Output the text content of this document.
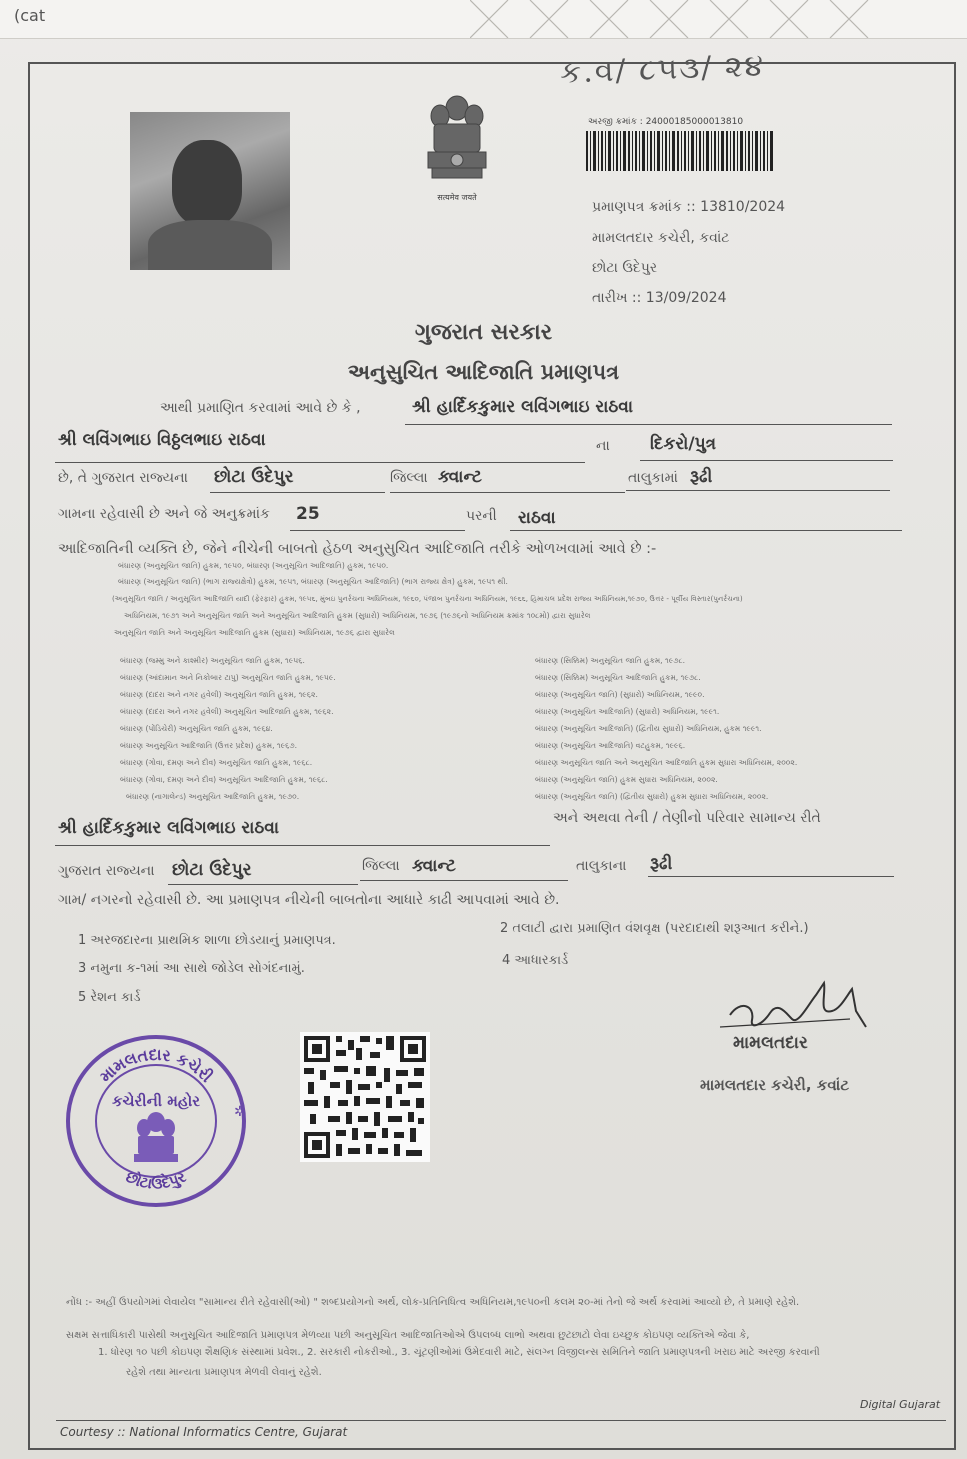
(cat
ક.વ/ ૮૫૩/ ૨૪
सत्यमेव जयते
અરજી ક્રમાંક : 24000185000013810
પ્રમાણપત્ર ક્રમાંક :: 13810/2024
મામલતદાર કચેરી, કવાંટ
છોટા ઉદેપુર
તારીખ :: 13/09/2024
ગુજરાત સરકાર
અનુસુચિત આદિજાતિ પ્રમાણપત્ર
આથી પ્રમાણિત કરવામાં આવે છે કે ,	શ્રી હાર્દિકકુમાર લવિંગભાઇ રાઠવા
શ્રી લવિંગભાઇ વિઠ્ઠલભાઇ રાઠવા	ના દિકરો/પુત્ર
છે, તે ગુજરાત રાજ્યના છોટા ઉદેપુર	જિલ્લા ક્વાન્ટ	તાલુકામાં રૂઢી
ગામના રહેવાસી છે અને જે અનુક્રમાંક 25	પરની રાઠવા
આદિજાતિની વ્યક્તિ છે, જેને નીચેની બાબતો હેઠળ અનુસુચિત આદિજાતિ તરીકે ઓળખવામાં આવે છે :-
બંધારણ (અનુસૂચિત જાતિ) હુકમ, ૧૯૫૦, બંધારણ (અનુસૂચિત આદિજાતિ) હુકમ, ૧૯૫૦.
બંધારણ (અનુસૂચિત જાતિ) (ભાગ રાજ્યક્ષેત્રો) હુકમ, ૧૯૫૧, બંધારણ (અનુસૂચિત આદિજાતિ) (ભાગ રાજ્ય ક્ષેત્ર) હુકમ, ૧૯૫૧ થી.
(અનુસૂચિત જાતિ / અનુસૂચિત આદિજાતિ યાદી (ફેરફાર) હુકમ, ૧૯૫૬, મુંબઇ પુનર્રચના અધિનિયમ, ૧૯૬૦, પંજાબ પુનર્રચના અધિનિયમ, ૧૯૬૬, હિમાચલ પ્રદેશ રાજ્ય અધિનિયમ,૧૯૭૦, ઉત્તર - પૂર્વીય વિસ્તાર(પુનર્રચના)
અધિનિયમ, ૧૯૭૧ અને અનુસૂચિત જાતિ અને અનુસૂચિત આદિજાતિ હુકમ (સુધારો) અધિનિયમ, ૧૯૭૬ (૧૯૭૬નો અધિનિયમ ક્રમાંક ૧૦૮મો) દ્વારા સુધારેલ
અનુસૂચિત જાતિ અને અનુસૂચિત આદિજાતિ હુકમ (સુધારા) અધિનિયમ, ૧૯૭૬ દ્વારા સુધારેલ
બંધારણ (જમ્મુ અને કાશ્મીર) અનુસૂચિત જાતિ હુકમ, ૧૯૫૬.
બંધારણ (આંદામાન અને નિકોબાર ટાપુ) અનુસૂચિત જાતિ હુકમ, ૧૯૫૯.
બંધારણ (દાદરા અને નગર હવેલી) અનુસૂચિત જાતિ હુકમ, ૧૯૬૨.
બંધારણ (દાદરા અને નગર હવેલી) અનુસૂચિત આદિજાતિ હુકમ, ૧૯૬૨.
બંધારણ (પોંડિચેરી) અનુસૂચિત જાતિ હુકમ, ૧૯૬૪.
બંધારણ અનુસૂચિત આદિજાતિ (ઉત્તર પ્રદેશ) હુકમ, ૧૯૬૭.
બંધારણ (ગોવા, દમણ અને દીવ) અનુસૂચિત જાતિ હુકમ, ૧૯૬૮.
બંધારણ (ગોવા, દમણ અને દીવ) અનુસૂચિત આદિજાતિ હુકમ, ૧૯૬૮.
બંધારણ (નાગાલેન્ડ) અનુસૂચિત આદિજાતિ હુકમ, ૧૯૭૦.
બંધારણ (સિક્કિમ) અનુસૂચિત જાતિ હુકમ, ૧૯૭૮.
બંધારણ (સિક્કિમ) અનુસૂચિત આદિજાતિ હુકમ, ૧૯૭૮.
બંધારણ (અનુસૂચિત જાતિ) (સુધારો) અધિનિયમ, ૧૯૯૦.
બંધારણ (અનુસૂચિત આદિજાતિ) (સુધારો) અધિનિયમ, ૧૯૯૧.
બંધારણ (અનુસૂચિત આદિજાતિ) (દ્વિતીય સુધારો) અધિનિયમ, હુકમ ૧૯૯૧.
બંધારણ (અનુસૂચિત આદિજાતિ) વટહુકમ, ૧૯૯૬.
બંધારણ અનુસૂચિત જાતિ અને અનુસૂચિત આદિજાતિ હુકમ સુધારા અધિનિયમ, ૨૦૦૨.
બંધારણ (અનુસૂચિત જાતિ) હુકમ સુધારા અધિનિયમ, ૨૦૦૨.
બંધારણ (અનુસૂચિત જાતિ) (દ્વિતીય સુધારો) હુકમ સુધારા અધિનિયમ, ૨૦૦૨.
શ્રી હાર્દિકકુમાર લવિંગભાઇ રાઠવા	અને અથવા તેની / તેણીનો પરિવાર સામાન્ય રીતે
ગુજરાત રાજ્યના છોટા ઉદેપુર	જિલ્લા ક્વાન્ટ	તાલુકાના રૂઢી
ગામ/ નગરનો રહેવાસી છે. આ પ્રમાણપત્ર નીચેની બાબતોના આધારે કાઢી આપવામાં આવે છે.
1 અરજદારના પ્રાથમિક શાળા છોડયાનું પ્રમાણપત્ર.
2 તલાટી દ્વારા પ્રમાણિત વંશવૃક્ષ (પરદાદાથી શરૂઆત કરીને.)
3 નમુના ક-૧માં આ સાથે જોડેલ સોગંદનામું.
4 આધારકાર્ડ
5 રેશન કાર્ડ
મામલતદાર કચેરી
છોટાઉદેપુર
કચેરીની મહોર
✲
મામલતદાર
મામલતદાર કચેરી, કવાંટ
નોંધ :- અહીં ઉપયોગમાં લેવાયેલ "સામાન્ય રીતે રહેવાસી(ઓ) " શબ્દપ્રયોગનો અર્થ, લોક-પ્રતિનિધિત્વ અધિનિયમ,૧૯૫૦ની કલમ ૨૦-માં તેનો જે અર્થ કરવામાં આવ્યો છે, તે પ્રમાણે રહેશે.
સક્ષમ સત્તાધિકારી પાસેથી અનુસૂચિત આદિજાતિ પ્રમાણપત્ર મેળવ્યા પછી અનુસૂચિત આદિજાતિઓએ ઉપલબ્ધ લાભો અથવા છુટછાટો લેવા ઇચ્છુક કોઇપણ વ્યક્તિએ જેવા કે,
1. ધોરણ ૧૦ પછી કોઇપણ શૈક્ષણિક સંસ્થામાં પ્રવેશ., 2. સરકારી નોકરીઓ., 3. ચૂંટણીઓમાં ઉમેદવારી માટે, સંલગ્ન વિજીલન્સ સમિતિને જાતિ પ્રમાણપત્રની ખરાઇ માટે અરજી કરવાની
રહેશે તથા માન્યતા પ્રમાણપત્ર મેળવી લેવાનું રહેશે.
Digital Gujarat
Courtesy :: National Informatics Centre, Gujarat
